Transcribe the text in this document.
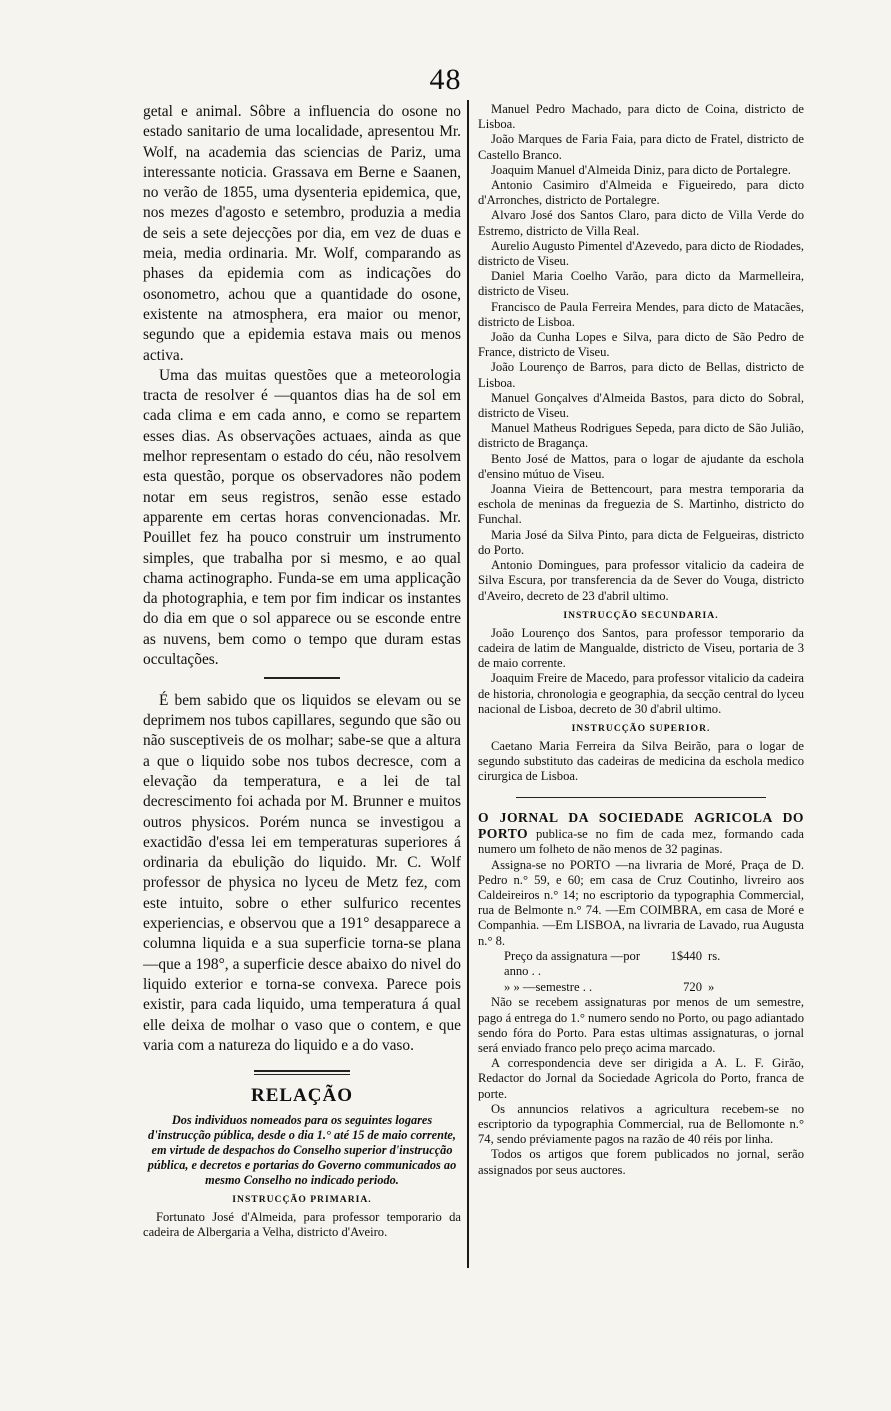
48

getal e animal. Sôbre a influencia do osone no estado sanitario de uma localidade, apresentou Mr. Wolf, na academia das sciencias de Pariz, uma interessante noticia. Grassava em Berne e Saanen, no verão de 1855, uma dysenteria epidemica, que, nos mezes d'agosto e setembro, produzia a media de seis a sete dejecções por dia, em vez de duas e meia, media ordinaria. Mr. Wolf, comparando as phases da epidemia com as indicações do osonometro, achou que a quantidade do osone, existente na atmosphera, era maior ou menor, segundo que a epidemia estava mais ou menos activa.

Uma das muitas questões que a meteorologia tracta de resolver é —quantos dias ha de sol em cada clima e em cada anno, e como se repartem esses dias. As observações actuaes, ainda as que melhor representam o estado do céu, não resolvem esta questão, porque os observadores não podem notar em seus registros, senão esse estado apparente em certas horas convencionadas. Mr. Pouillet fez ha pouco construir um instrumento simples, que trabalha por si mesmo, e ao qual chama actinographo. Funda-se em uma applicação da photographia, e tem por fim indicar os instantes do dia em que o sol apparece ou se esconde entre as nuvens, bem como o tempo que duram estas occultações.

É bem sabido que os liquidos se elevam ou se deprimem nos tubos capillares, segundo que são ou não susceptiveis de os molhar; sabe-se que a altura a que o liquido sobe nos tubos decresce, com a elevação da temperatura, e a lei de tal decrescimento foi achada por M. Brunner e muitos outros physicos. Porém nunca se investigou a exactidão d'essa lei em temperaturas superiores á ordinaria da ebulição do liquido. Mr. C. Wolf professor de physica no lyceu de Metz fez, com este intuito, sobre o ether sulfurico recentes experiencias, e observou que a 191° desapparece a columna liquida e a sua superficie torna-se plana —que a 198°, a superficie desce abaixo do nivel do liquido exterior e torna-se convexa. Parece pois existir, para cada liquido, uma temperatura á qual elle deixa de molhar o vaso que o contem, e que varia com a natureza do liquido e a do vaso.

RELAÇÃO

Dos individuos nomeados para os seguintes logares d'instrucção pública, desde o dia 1.° até 15 de maio corrente, em virtude de despachos do Conselho superior d'instrucção pública, e decretos e portarias do Governo communicados ao mesmo Conselho no indicado periodo.

INSTRUCÇÃO PRIMARIA.

Fortunato José d'Almeida, para professor temporario da cadeira de Albergaria a Velha, districto d'Aveiro.

Manuel Pedro Machado, para dicto de Coina, districto de Lisboa.

João Marques de Faria Faia, para dicto de Fratel, districto de Castello Branco.

Joaquim Manuel d'Almeida Diniz, para dicto de Portalegre.

Antonio Casimiro d'Almeida e Figueiredo, para dicto d'Arronches, districto de Portalegre.

Alvaro José dos Santos Claro, para dicto de Villa Verde do Estremo, districto de Villa Real.

Aurelio Augusto Pimentel d'Azevedo, para dicto de Riodades, districto de Viseu.

Daniel Maria Coelho Varão, para dicto da Marmelleira, districto de Viseu.

Francisco de Paula Ferreira Mendes, para dicto de Matacães, districto de Lisboa.

João da Cunha Lopes e Silva, para dicto de São Pedro de France, districto de Viseu.

João Lourenço de Barros, para dicto de Bellas, districto de Lisboa.

Manuel Gonçalves d'Almeida Bastos, para dicto do Sobral, districto de Viseu.

Manuel Matheus Rodrigues Sepeda, para dicto de São Julião, districto de Bragança.

Bento José de Mattos, para o logar de ajudante da eschola d'ensino mútuo de Viseu.

Joanna Vieira de Bettencourt, para mestra temporaria da eschola de meninas da freguezia de S. Martinho, districto do Funchal.

Maria José da Silva Pinto, para dicta de Felgueiras, districto do Porto.

Antonio Domingues, para professor vitalicio da cadeira de Silva Escura, por transferencia da de Sever do Vouga, districto d'Aveiro, decreto de 23 d'abril ultimo.

INSTRUCÇÃO SECUNDARIA.

João Lourenço dos Santos, para professor temporario da cadeira de latim de Mangualde, districto de Viseu, portaria de 3 de maio corrente.

Joaquim Freire de Macedo, para professor vitalicio da cadeira de historia, chronologia e geographia, da secção central do lyceu nacional de Lisboa, decreto de 30 d'abril ultimo.

INSTRUCÇÃO SUPERIOR.

Caetano Maria Ferreira da Silva Beirão, para o logar de segundo substituto das cadeiras de medicina da eschola medico cirurgica de Lisboa.

O JORNAL DA SOCIEDADE AGRICOLA DO PORTO publica-se no fim de cada mez, formando cada numero um folheto de não menos de 32 paginas.

Assigna-se no PORTO —na livraria de Moré, Praça de D. Pedro n.° 59, e 60; em casa de Cruz Coutinho, livreiro aos Caldeireiros n.° 14; no escriptorio da typographia Commercial, rua de Belmonte n.° 74. —Em COIMBRA, em casa de Moré e Companhia. —Em LISBOA, na livraria de Lavado, rua Augusta n.° 8.

Preço da assignatura —por anno . .
1$440 rs.
» » —semestre . .	720 »

Não se recebem assignaturas por menos de um semestre, pago á entrega do 1.° numero sendo no Porto, ou pago adiantado sendo fóra do Porto. Para estas ultimas assignaturas, o jornal será enviado franco pelo preço acima marcado.

A correspondencia deve ser dirigida a A. L. F. Girão, Redactor do Jornal da Sociedade Agricola do Porto, franca de porte.

Os annuncios relativos a agricultura recebem-se no escriptorio da typographia Commercial, rua de Bellomonte n.° 74, sendo préviamente pagos na razão de 40 réis por linha.

Todos os artigos que forem publicados no jornal, serão assignados por seus auctores.
